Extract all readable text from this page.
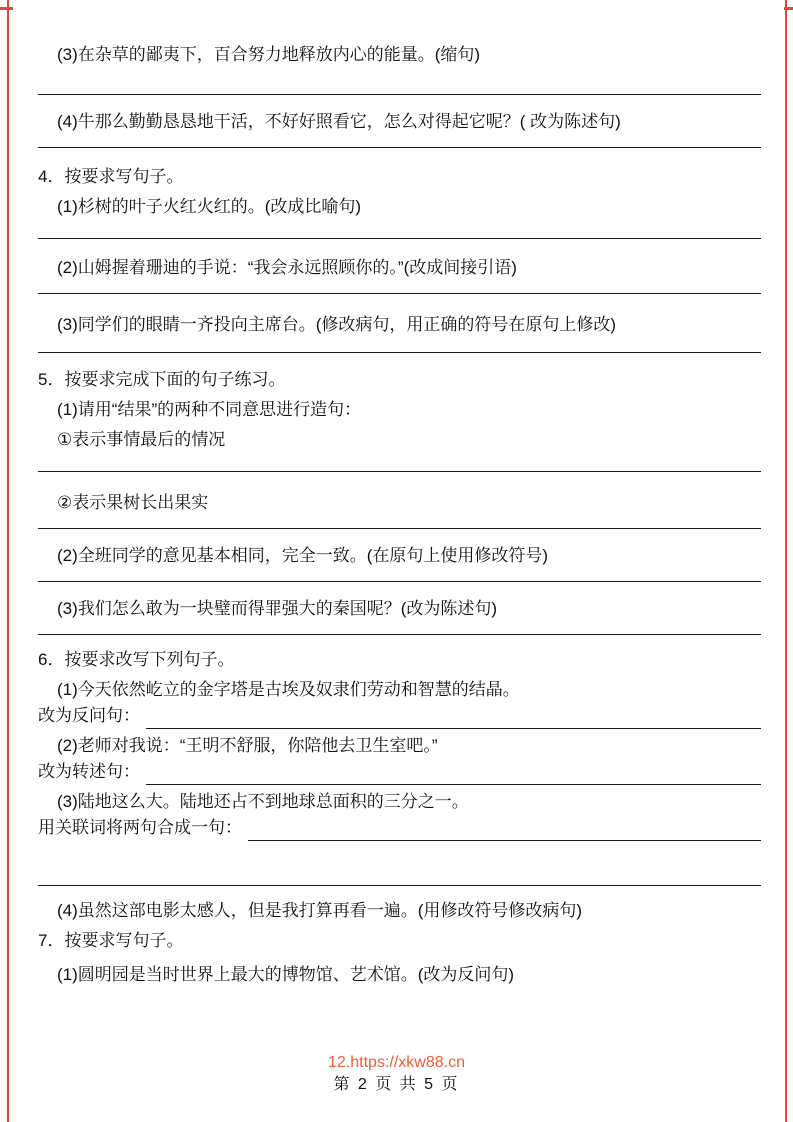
(3)在杂草的鄙夷下，百合努力地释放内心的能量。(缩句)

(4)牛那么勤勤恳恳地干活，不好好照看它，怎么对得起它呢？( 改为陈述句)

4．按要求写句子。

(1)杉树的叶子火红火红的。(改成比喻句)

(2)山姆握着珊迪的手说：“我会永远照顾你的。”(改成间接引语)

(3)同学们的眼睛一齐投向主席台。(修改病句，用正确的符号在原句上修改)

5．按要求完成下面的句子练习。

(1)请用“结果”的两种不同意思进行造句：

①表示事情最后的情况

②表示果树长出果实

(2)全班同学的意见基本相同，完全一致。(在原句上使用修改符号)

(3)我们怎么敢为一块璧而得罪强大的秦国呢？(改为陈述句)

6．按要求改写下列句子。

(1)今天依然屹立的金字塔是古埃及奴隶们劳动和智慧的结晶。

改为反问句：

(2)老师对我说：“王明不舒服，你陪他去卫生室吧。”

改为转述句：

(3)陆地这么大。陆地还占不到地球总面积的三分之一。

用关联词将两句合成一句：

(4)虽然这部电影太感人，但是我打算再看一遍。(用修改符号修改病句)

7．按要求写句子。

(1)圆明园是当时世界上最大的博物馆、艺术馆。(改为反问句)

12.https://xkw88.cn
第 2 页 共 5 页
